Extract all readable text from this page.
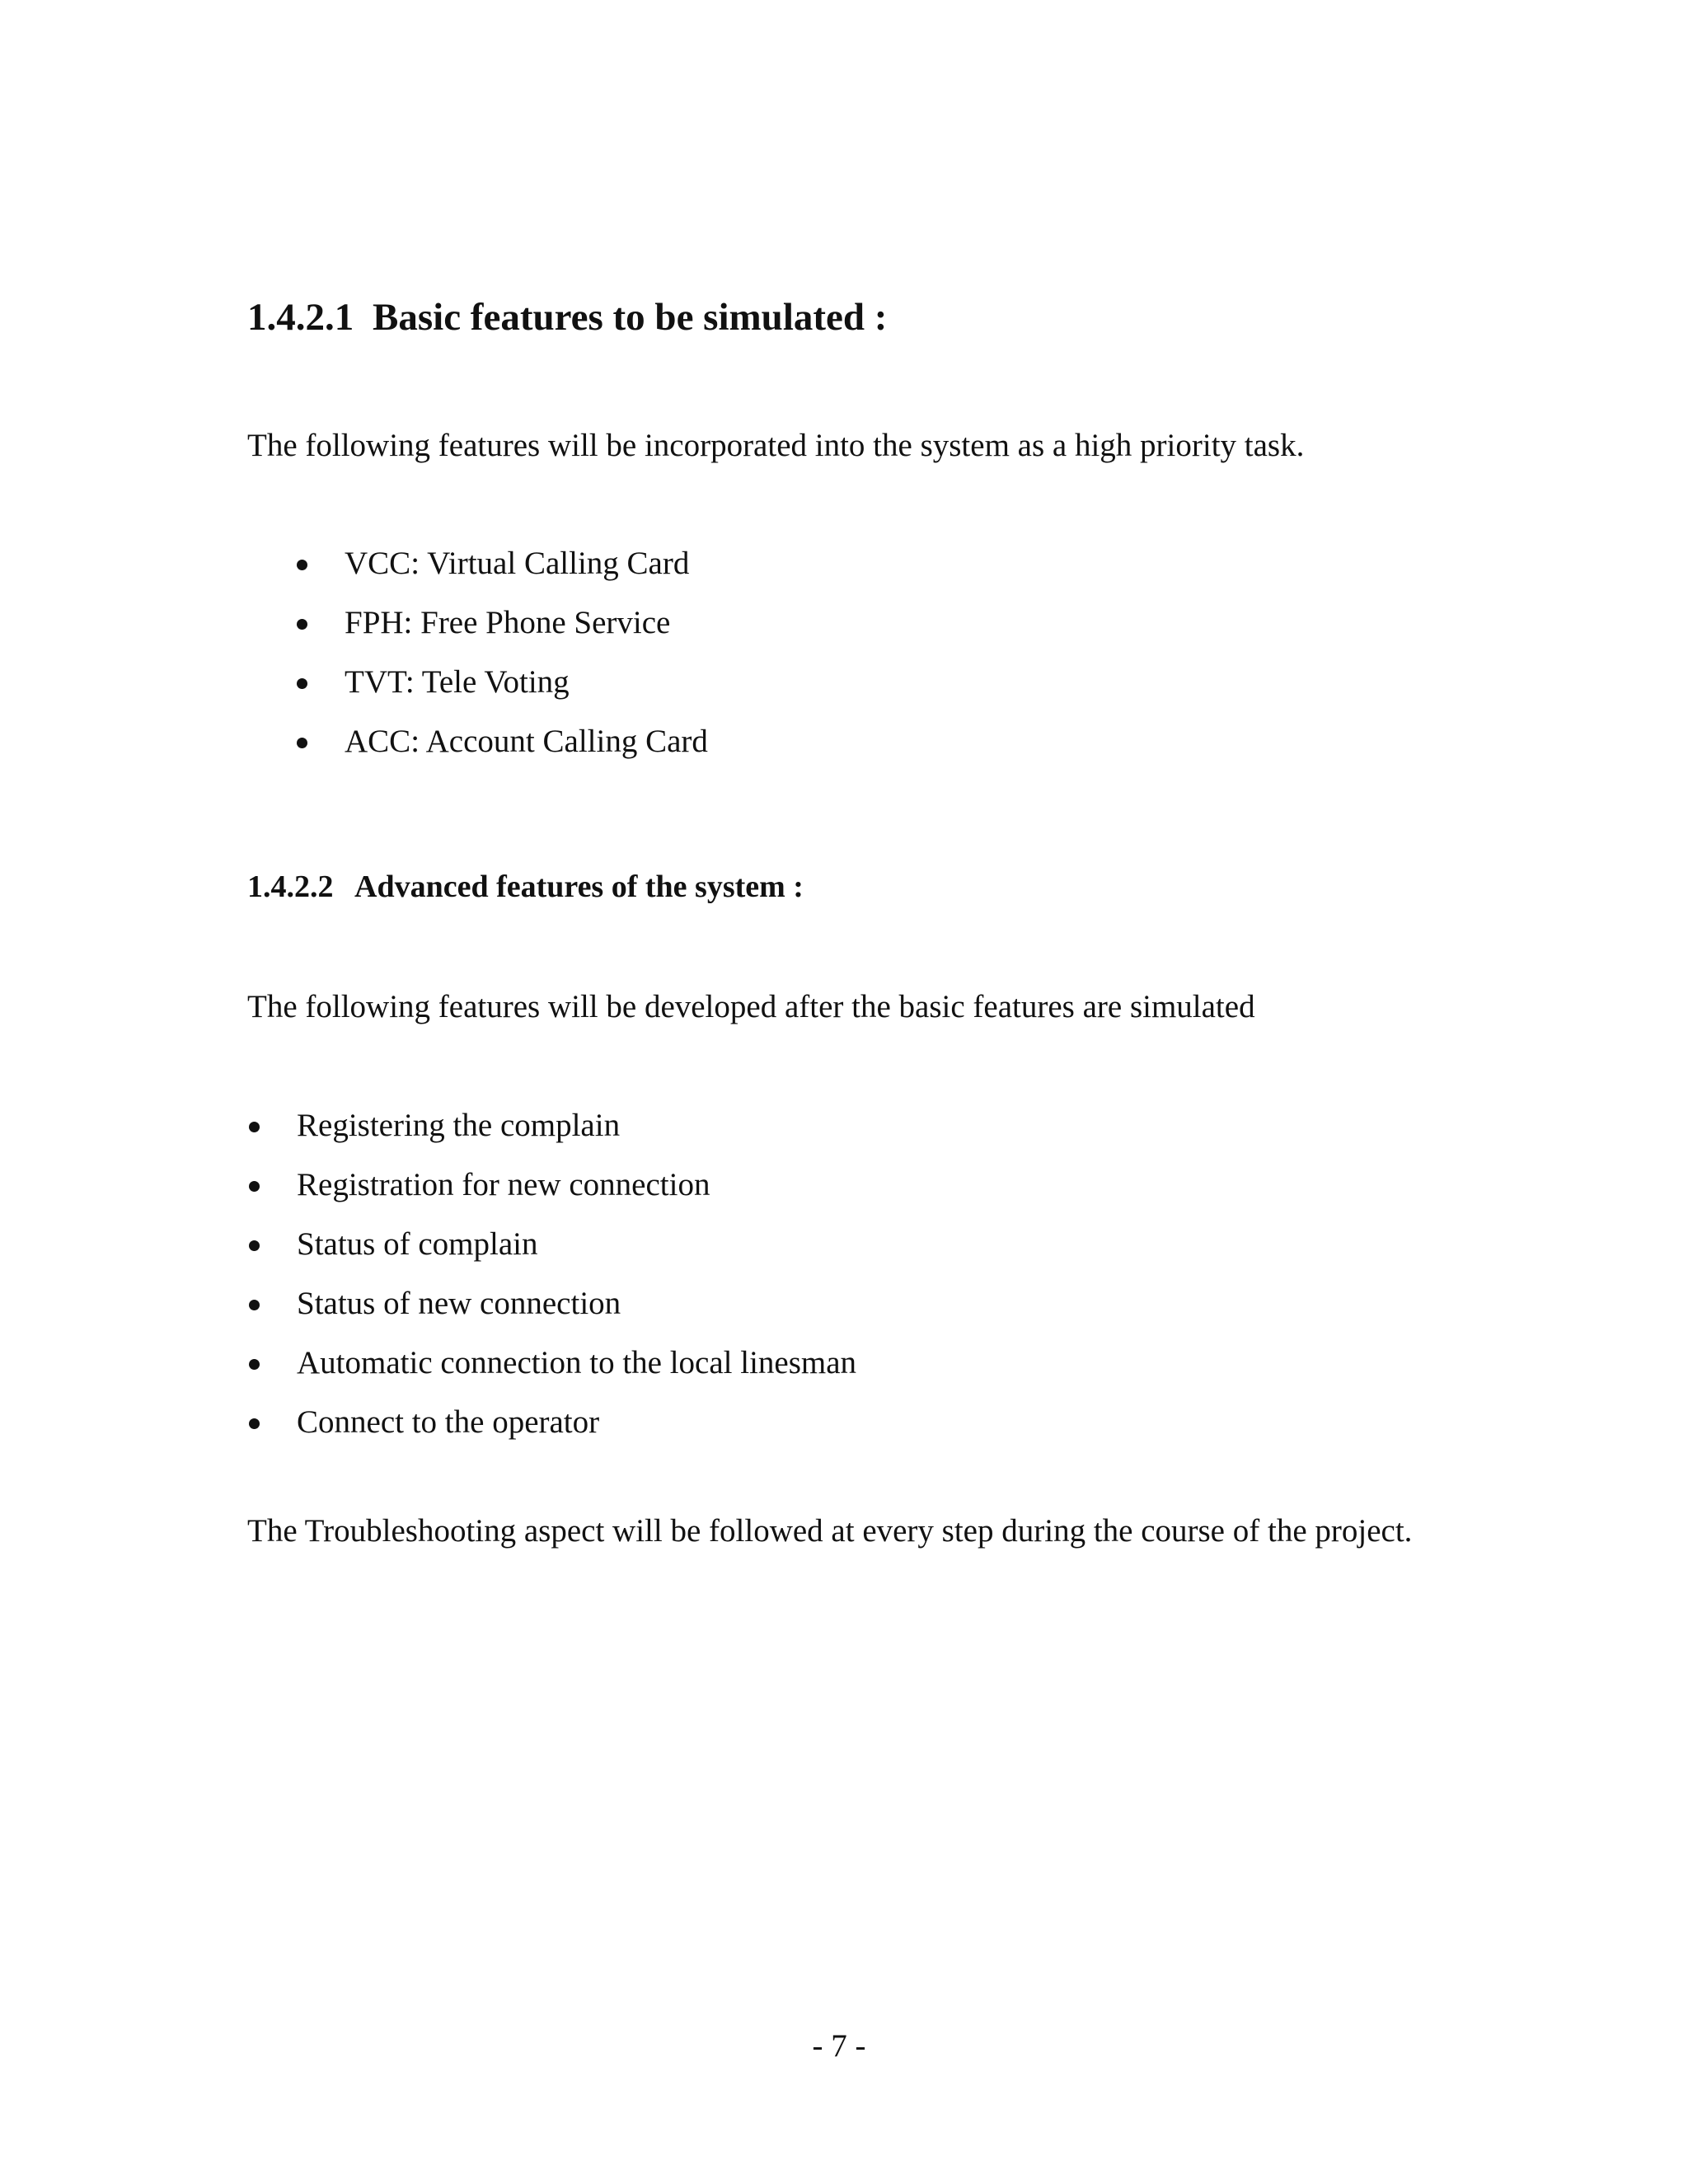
1.4.2.1 Basic features to be simulated :

The following features will be incorporated into the system as a high priority task.

VCC: Virtual Calling Card
FPH: Free Phone Service
TVT: Tele Voting
ACC: Account Calling Card
1.4.2.2 Advanced features of the system :

The following features will be developed after the basic features are simulated

Registering the complain
Registration for new connection
Status of complain
Status of new connection
Automatic connection to the local linesman
Connect to the operator

The Troubleshooting aspect will be followed at every step during the course of the project.

- 7 -
